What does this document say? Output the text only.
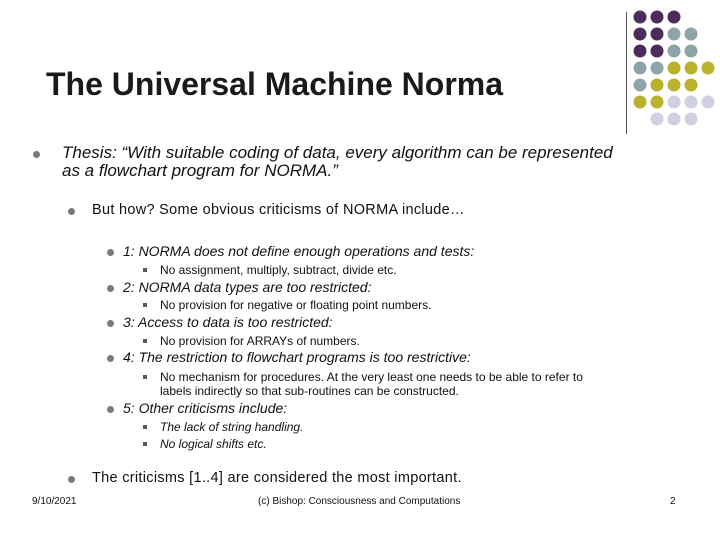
The Universal Machine Norma
Thesis: “With suitable coding of data, every algorithm can be represented
as a flowchart program for NORMA.”
But how? Some obvious criticisms of NORMA include…
1: NORMA does not define enough operations and tests:
No assignment, multiply, subtract, divide etc.
2: NORMA data types are too restricted:
No provision for negative or floating point numbers.
3: Access to data is too restricted:
No provision for ARRAYs of numbers.
4: The restriction to flowchart programs is too restrictive:
No mechanism for procedures. At the very least one needs to be able to refer to
labels indirectly so that sub-routines can be constructed.
5: Other criticisms include:
The lack of string handling.
No logical shifts etc.
The criticisms [1..4] are considered the most important.
9/10/2021	(c) Bishop: Consciousness and Computations	2
